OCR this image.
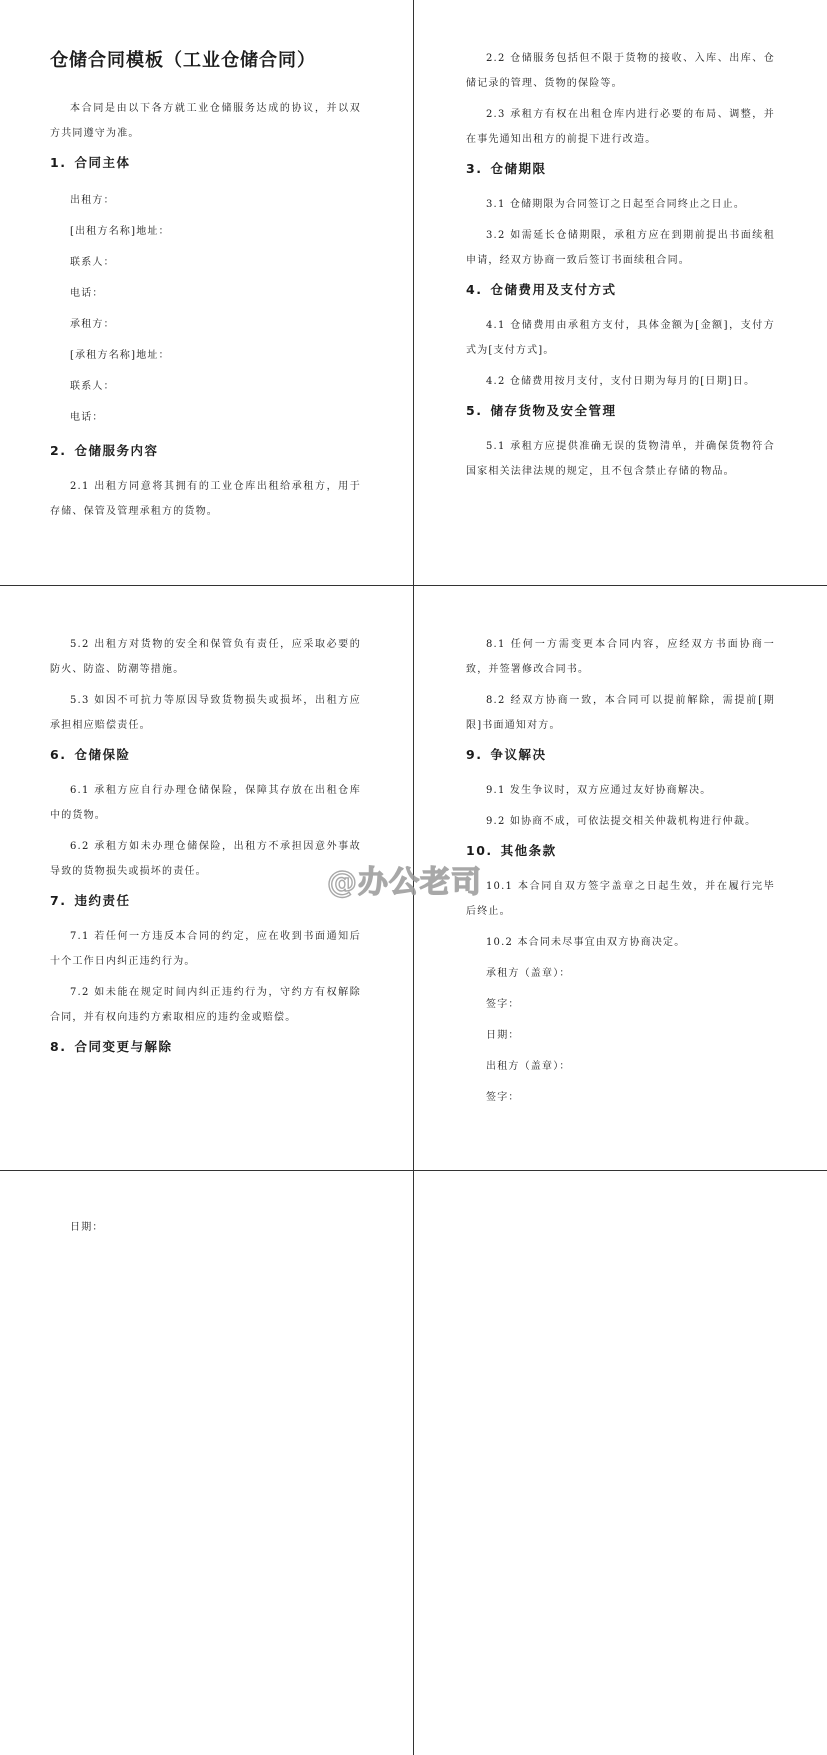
仓储合同模板（工业仓储合同）

本合同是由以下各方就工业仓储服务达成的协议，并以双方共同遵守为准。

1. 合同主体
出租方：
[出租方名称]地址：
联系人：
电话：
承租方：
[承租方名称]地址：
联系人：
电话：
2. 仓储服务内容

2.1 出租方同意将其拥有的工业仓库出租给承租方，用于存储、保管及管理承租方的货物。

2.2 仓储服务包括但不限于货物的接收、入库、出库、仓储记录的管理、货物的保险等。

2.3 承租方有权在出租仓库内进行必要的布局、调整，并在事先通知出租方的前提下进行改造。

3. 仓储期限

3.1 仓储期限为合同签订之日起至合同终止之日止。

3.2 如需延长仓储期限，承租方应在到期前提出书面续租申请，经双方协商一致后签订书面续租合同。

4. 仓储费用及支付方式

4.1 仓储费用由承租方支付，具体金额为[金额]，支付方式为[支付方式]。

4.2 仓储费用按月支付，支付日期为每月的[日期]日。

5. 储存货物及安全管理

5.1 承租方应提供准确无误的货物清单，并确保货物符合国家相关法律法规的规定，且不包含禁止存储的物品。

5.2 出租方对货物的安全和保管负有责任，应采取必要的防火、防盗、防潮等措施。

5.3 如因不可抗力等原因导致货物损失或损坏，出租方应承担相应赔偿责任。

6. 仓储保险

6.1 承租方应自行办理仓储保险，保障其存放在出租仓库中的货物。

6.2 承租方如未办理仓储保险，出租方不承担因意外事故导致的货物损失或损坏的责任。

7. 违约责任

7.1 若任何一方违反本合同的约定，应在收到书面通知后十个工作日内纠正违约行为。

7.2 如未能在规定时间内纠正违约行为，守约方有权解除合同，并有权向违约方索取相应的违约金或赔偿。

8. 合同变更与解除

8.1 任何一方需变更本合同内容，应经双方书面协商一致，并签署修改合同书。

8.2 经双方协商一致，本合同可以提前解除，需提前[期限]书面通知对方。

9. 争议解决

9.1 发生争议时，双方应通过友好协商解决。

9.2 如协商不成，可依法提交相关仲裁机构进行仲裁。

10. 其他条款

10.1 本合同自双方签字盖章之日起生效，并在履行完毕后终止。

10.2 本合同未尽事宜由双方协商决定。

承租方（盖章）：
签字：
日期：
出租方（盖章）：
签字：
日期：
@办公老司
